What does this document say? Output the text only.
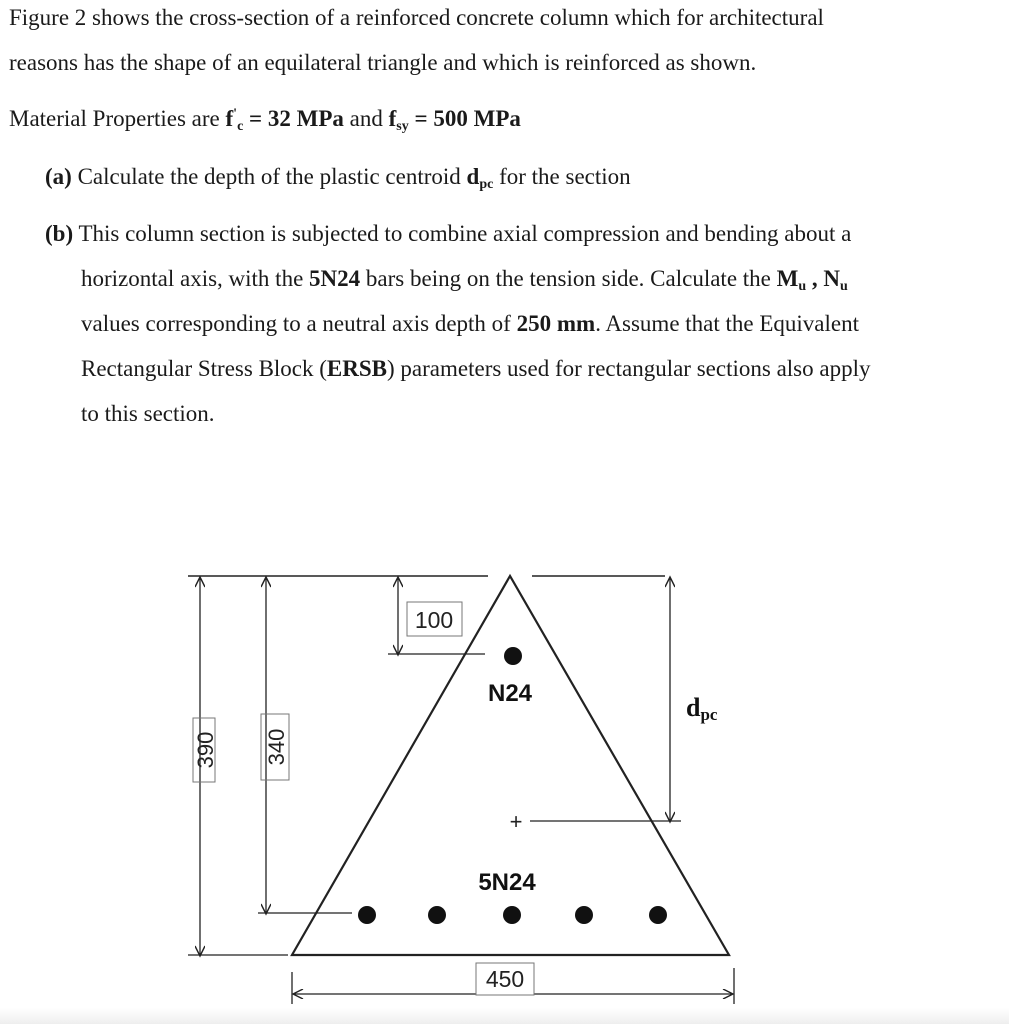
Figure 2 shows the cross-section of a reinforced concrete column which for architectural
reasons has the shape of an equilateral triangle and which is reinforced as shown.
Material Properties are $f'_c = 32$ MPa and $f_{sy} = 500$ MPa
(a) Calculate the depth of the plastic centroid $d_{pc}$ for the section
(b) This column section is subjected to combine axial compression and bending about a
horizontal axis, with the 5N24 bars being on the tension side. Calculate the $M_u$ , $N_u$
values corresponding to a neutral axis depth of 250 mm. Assume that the Equivalent
Rectangular Stress Block (ERSB) parameters used for rectangular sections also apply
to this section.
390 340
100
N24
+
dpc
5N24
450
